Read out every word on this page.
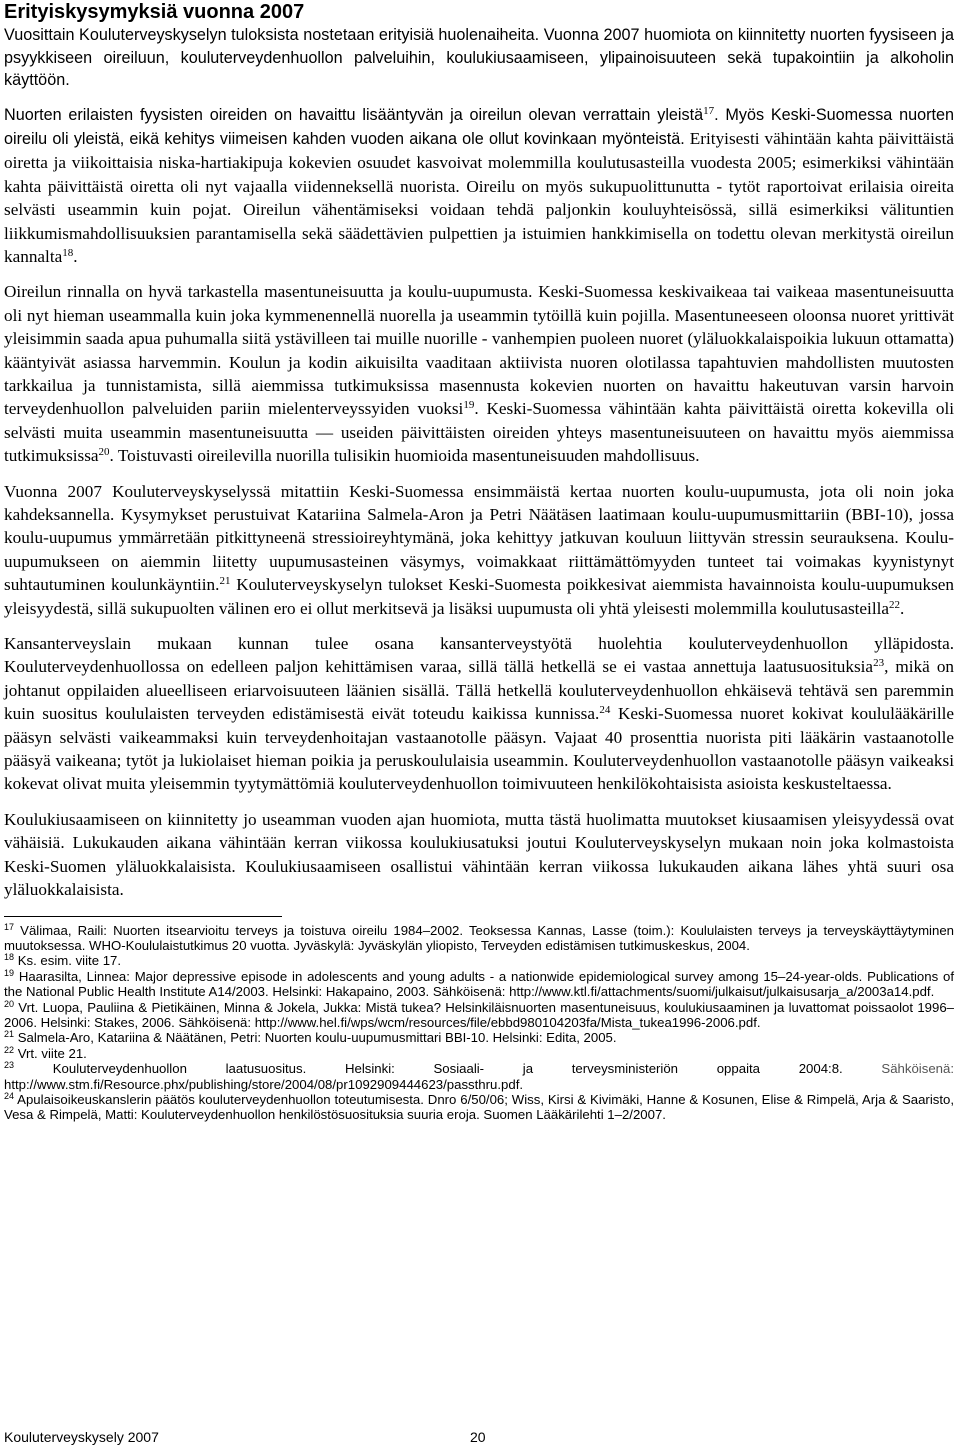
Erityiskysymyksiä vuonna 2007

Vuosittain Kouluterveyskyselyn tuloksista nostetaan erityisiä huolenaiheita. Vuonna 2007 huomiota on kiinnitetty nuorten fyysiseen ja psyykkiseen oireiluun, kouluterveydenhuollon palveluihin, koulukiusaamiseen, ylipainoisuuteen sekä tupakointiin ja alkoholin käyttöön.

Nuorten erilaisten fyysisten oireiden on havaittu lisääntyvän ja oireilun olevan verrattain yleistä$^{17}$. Myös Keski-Suomessa nuorten oireilu oli yleistä, eikä kehitys viimeisen kahden vuoden aikana ole ollut kovinkaan myönteistä. Erityisesti vähintään kahta päivittäistä oiretta ja viikoittaisia niska-hartiakipuja kokevien osuudet kasvoivat molemmilla koulutusasteilla vuodesta 2005; esimerkiksi vähintään kahta päivittäistä oiretta oli nyt vajaalla viidenneksellä nuorista. Oireilu on myös sukupuolittunutta - tytöt raportoivat erilaisia oireita selvästi useammin kuin pojat. Oireilun vähentämiseksi voidaan tehdä paljonkin kouluyhteisössä, sillä esimerkiksi välituntien liikkumismahdollisuuksien parantamisella sekä säädettävien pulpettien ja istuimien hankkimisella on todettu olevan merkitystä oireilun kannalta$^{18}$.

Oireilun rinnalla on hyvä tarkastella masentuneisuutta ja koulu-uupumusta. Keski-Suomessa keskivaikeaa tai vaikeaa masentuneisuutta oli nyt hieman useammalla kuin joka kymmenennellä nuorella ja useammin tytöillä kuin pojilla. Masentuneeseen oloonsa nuoret yrittivät yleisimmin saada apua puhumalla siitä ystävilleen tai muille nuorille - vanhempien puoleen nuoret (yläluokkalaispoikia lukuun ottamatta) kääntyivät asiassa harvemmin. Koulun ja kodin aikuisilta vaaditaan aktiivista nuoren olotilassa tapahtuvien mahdollisten muutosten tarkkailua ja tunnistamista, sillä aiemmissa tutkimuksissa masennusta kokevien nuorten on havaittu hakeutuvan varsin harvoin terveydenhuollon palveluiden pariin mielenterveyssyiden vuoksi$^{19}$. Keski-Suomessa vähintään kahta päivittäistä oiretta kokevilla oli selvästi muita useammin masentuneisuutta — useiden päivittäisten oireiden yhteys masentuneisuuteen on havaittu myös aiemmissa tutkimuksissa$^{20}$. Toistuvasti oireilevilla nuorilla tulisikin huomioida masentuneisuuden mahdollisuus.

Vuonna 2007 Kouluterveyskyselyssä mitattiin Keski-Suomessa ensimmäistä kertaa nuorten koulu-uupumusta, jota oli noin joka kahdeksannella. Kysymykset perustuivat Katariina Salmela-Aron ja Petri Näätäsen laatimaan koulu-uupumusmittariin (BBI-10), jossa koulu-uupumus ymmärretään pitkittyneenä stressioireyhtymänä, joka kehittyy jatkuvan kouluun liittyvän stressin seurauksena. Koulu-uupumukseen on aiemmin liitetty uupumusasteinen väsymys, voimakkaat riittämättömyyden tunteet tai voimakas kyynistynyt suhtautuminen koulunkäyntiin.$^{21}$ Kouluterveyskyselyn tulokset Keski-Suomesta poikkesivat aiemmista havainnoista koulu-uupumuksen yleisyydestä, sillä sukupuolten välinen ero ei ollut merkitsevä ja lisäksi uupumusta oli yhtä yleisesti molemmilla koulutusasteilla$^{22}$.

Kansanterveyslain mukaan kunnan tulee osana kansanterveystyötä huolehtia kouluterveydenhuollon ylläpidosta. Kouluterveydenhuollossa on edelleen paljon kehittämisen varaa, sillä tällä hetkellä se ei vastaa annettuja laatusuosituksia$^{23}$, mikä on johtanut oppilaiden alueelliseen eriarvoisuuteen läänien sisällä. Tällä hetkellä kouluterveydenhuollon ehkäisevä tehtävä sen paremmin kuin suositus koululaisten terveyden edistämisestä eivät toteudu kaikissa kunnissa.$^{24}$ Keski-Suomessa nuoret kokivat koululääkärille pääsyn selvästi vaikeammaksi kuin terveydenhoitajan vastaanotolle pääsyn. Vajaat 40 prosenttia nuorista piti lääkärin vastaanotolle pääsyä vaikeana; tytöt ja lukiolaiset hieman poikia ja peruskoululaisia useammin. Kouluterveydenhuollon vastaanotolle pääsyn vaikeaksi kokevat olivat muita yleisemmin tyytymättömiä kouluterveydenhuollon toimivuuteen henkilökohtaisista asioista keskusteltaessa.

Koulukiusaamiseen on kiinnitetty jo useamman vuoden ajan huomiota, mutta tästä huolimatta muutokset kiusaamisen yleisyydessä ovat vähäisiä. Lukukauden aikana vähintään kerran viikossa koulukiusatuksi joutui Kouluterveyskyselyn mukaan noin joka kolmastoista Keski-Suomen yläluokkalaisista. Koulukiusaamiseen osallistui vähintään kerran viikossa lukukauden aikana lähes yhtä suuri osa yläluokkalaisista.

$^{17}$ Välimaa, Raili: Nuorten itsearvioitu terveys ja toistuva oireilu 1984–2002. Teoksessa Kannas, Lasse (toim.): Koululaisten terveys ja terveyskäyttäytyminen muutoksessa. WHO-Koululaistutkimus 20 vuotta. Jyväskylä: Jyväskylän yliopisto, Terveyden edistämisen tutkimuskeskus, 2004.

$^{18}$ Ks. esim. viite 17.

$^{19}$ Haarasilta, Linnea: Major depressive episode in adolescents and young adults - a nationwide epidemiological survey among 15–24-year-olds. Publications of the National Public Health Institute A14/2003. Helsinki: Hakapaino, 2003. Sähköisenä: http://www.ktl.fi/attachments/suomi/julkaisut/julkaisusarja_a/2003a14.pdf.

$^{20}$ Vrt. Luopa, Pauliina & Pietikäinen, Minna & Jokela, Jukka: Mistä tukea? Helsinkiläisnuorten masentuneisuus, koulukiusaaminen ja luvattomat poissaolot 1996–2006. Helsinki: Stakes, 2006. Sähköisenä: http://www.hel.fi/wps/wcm/resources/file/ebbd980104203fa/Mista_tukea1996-2006.pdf.

$^{21}$ Salmela-Aro, Katariina & Näätänen, Petri: Nuorten koulu-uupumusmittari BBI-10. Helsinki: Edita, 2005.

$^{22}$ Vrt. viite 21.

$^{23}$	Kouluterveydenhuollon laatusuositus. Helsinki: Sosiaali- ja terveysministeriön oppaita 2004:8. Sähköisenä: http://www.stm.fi/Resource.phx/publishing/store/2004/08/pr1092909444623/passthru.pdf.

$^{24}$ Apulaisoikeuskanslerin päätös kouluterveydenhuollon toteutumisesta. Dnro 6/50/06; Wiss, Kirsi & Kivimäki, Hanne & Kosunen, Elise & Rimpelä, Arja & Saaristo, Vesa & Rimpelä, Matti: Kouluterveydenhuollon henkilöstösuosituksia suuria eroja. Suomen Lääkärilehti 1–2/2007.

Kouluterveyskysely 2007	20
